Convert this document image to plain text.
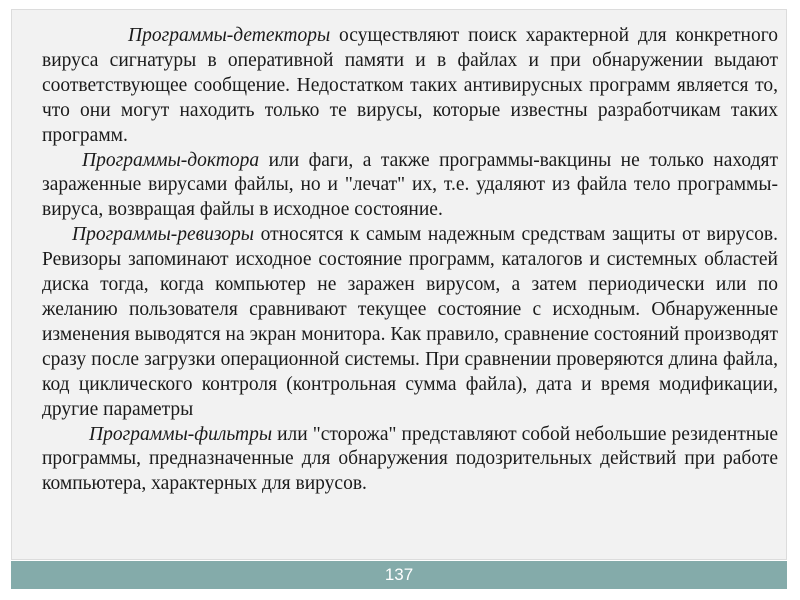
Программы-детекторы осуществляют поиск характерной для конкретного вируса сигнатуры в оперативной памяти и в файлах и при обнаружении выдают соответствующее сообщение. Недостатком таких антивирусных программ является то, что они могут находить только те вирусы, которые известны разработчикам таких программ.

Программы-доктора или фаги, а также программы-вакцины не только находят зараженные вирусами файлы, но и "лечат" их, т.е. удаляют из файла тело программы-вируса, возвращая файлы в исходное состояние.

Программы-ревизоры относятся к самым надежным средствам защиты от вирусов. Ревизоры запоминают исходное состояние программ, каталогов и системных областей диска тогда, когда компьютер не заражен вирусом, а затем периодически или по желанию пользователя сравнивают текущее состояние с исходным. Обнаруженные изменения выводятся на экран монитора. Как правило, сравнение состояний производят сразу после загрузки операционной системы. При сравнении проверяются длина файла, код циклического контроля (контрольная сумма файла), дата и время модификации, другие параметры

Программы-фильтры или "сторожа" представляют собой небольшие резидентные программы, предназначенные для обнаружения подозрительных действий при работе компьютера, характерных для вирусов.

137
